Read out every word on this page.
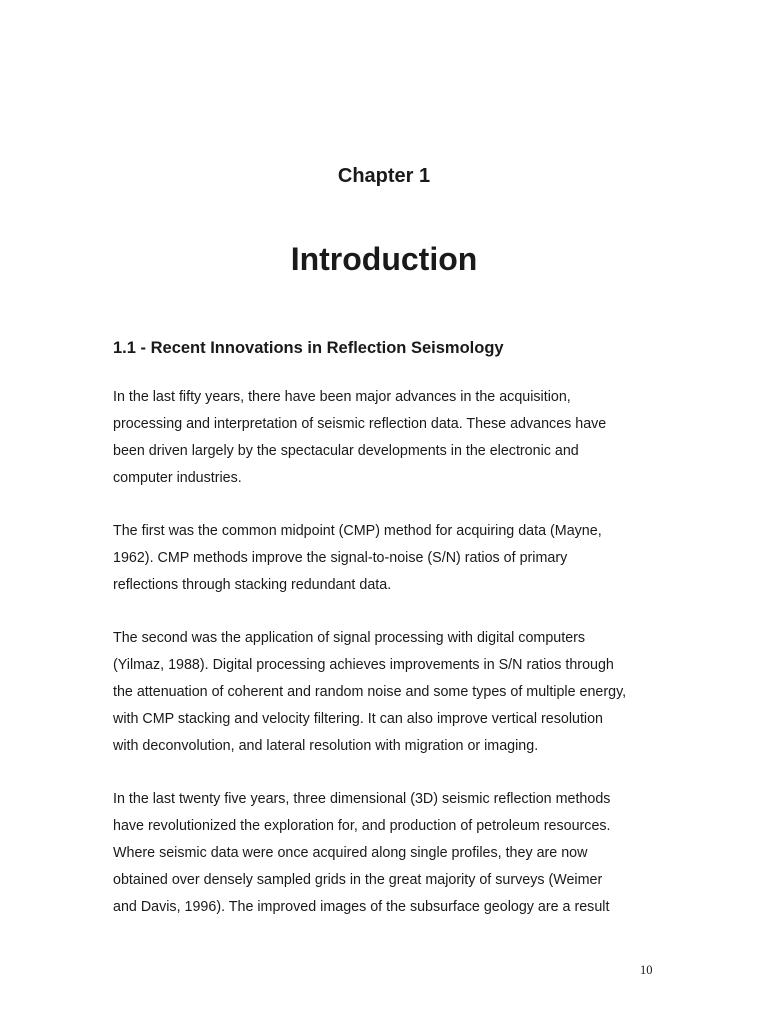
Chapter 1
Introduction
1.1 - Recent Innovations in Reflection Seismology

In the last fifty years, there have been major advances in the acquisition,
processing and interpretation of seismic reflection data. These advances have
been driven largely by the spectacular developments in the electronic and
computer industries.

The first was the common midpoint (CMP) method for acquiring data (Mayne,
1962). CMP methods improve the signal-to-noise (S/N) ratios of primary
reflections through stacking redundant data.

The second was the application of signal processing with digital computers
(Yilmaz, 1988). Digital processing achieves improvements in S/N ratios through
the attenuation of coherent and random noise and some types of multiple energy,
with CMP stacking and velocity filtering. It can also improve vertical resolution
with deconvolution, and lateral resolution with migration or imaging.

In the last twenty five years, three dimensional (3D) seismic reflection methods
have revolutionized the exploration for, and production of petroleum resources.
Where seismic data were once acquired along single profiles, they are now
obtained over densely sampled grids in the great majority of surveys (Weimer
and Davis, 1996). The improved images of the subsurface geology are a result

10
